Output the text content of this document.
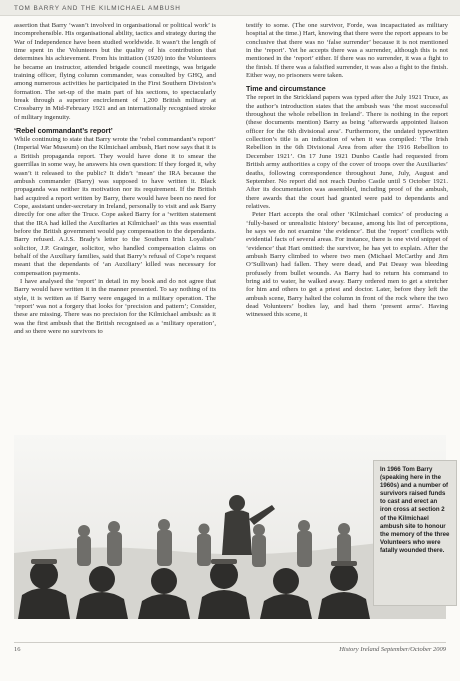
TOM BARRY AND THE KILMICHAEL AMBUSH

assertion that Barry ‘wasn’t involved in organisational or political work’ is incomprehensible. His organisational ability, tactics and strategy during the War of Independence have been studied worldwide. It wasn’t the length of time spent in the Volunteers but the quality of his contribution that determines his achievement. From his initiation (1920) into the Volunteers he became an instructor, attended brigade council meetings, was brigade training officer, flying column commander, was consulted by GHQ, and among numerous activities he participated in the First Southern Division’s formation. The set-up of the main part of his sections, to spectacularly break through a superior encirclement of 1,200 British military at Crossbarry in Mid-February 1921 and an internationally recognised stroke of military ingenuity.

‘Rebel commandant’s report’

While continuing to state that Barry wrote the ‘rebel commandant’s report’ (Imperial War Museum) on the Kilmichael ambush, Hart now says that it is a British propaganda report. They would have done it to smear the guerrillas in some way, he answers his own question: If they forged it, why wasn’t it released to the public? It didn’t ‘mean’ the IRA because the ambush commander (Barry) was supposed to have written it. Black propaganda was neither its motivation nor its requirement. If the British had acquired a report written by Barry, there would have been no need for Cope, assistant under-secretary in Ireland, personally to visit and ask Barry directly for one after the Truce. Cope asked Barry for a ‘written statement that the IRA had killed the Auxiliaries at Kilmichael’ as this was essential before the British government would pay compensation to the dependants. Barry refused. A.J.S. Brady’s letter to the Southern Irish Loyalists’ solicitor, J.P. Grainger, solicitor, who handled compensation claims on behalf of the Auxiliary families, said that Barry’s refusal of Cope’s request meant that the dependants of ‘an Auxiliary’ killed was necessary for compensation payments.

I have analysed the ‘report’ in detail in my book and do not agree that Barry would have written it in the manner presented. To say nothing of its style, it is written as if Barry were engaged in a military operation. The ‘report’ was not a forgery that looks for ‘precision and pattern’; Consider, these are missing. There was no precision for the Kilmichael ambush: as it was the first ambush that the British recognised as a ‘military operation’, and so there were no survivors to

testify to some. (The one survivor, Forde, was incapacitated as military hospital at the time.) Hart, knowing that there were the report appears to be conclusive that there was no ‘false surrender’ because it is not mentioned in the ‘report’. Yet he accepts there was a surrender, although this is not mentioned in the ‘report’ either. If there was no surrender, it was a fight to the finish. If there was a falsified surrender, it was also a fight to the finish. Either way, no prisoners were taken.

Time and circumstance

The report in the Strickland papers was typed after the July 1921 Truce, as the author’s introduction states that the ambush was ‘the most successful throughout the whole rebellion in Ireland’. There is nothing in the report (these documents mention) Barry as being ‘afterwards appointed liaison officer for the 6th divisional area’. Furthermore, the undated typewritten collection’s title is an indication of when it was compiled: ‘The Irish Rebellion in the 6th Divisional Area from after the 1916 Rebellion to December 1921’. On 17 June 1921 Dunbo Castle had requested from British army authorities a copy of the cover of troops over the Auxiliaries’ deaths, following correspondence throughout June, July, August and September. No report did not reach Dunbo Castle until 5 October 1921. After its documentation was assembled, including proof of the ambush, there awards that the court had granted were paid to dependants and relatives.

Peter Hart accepts the oral other ‘Kilmichael comics’ of producing a ‘fully-based or unrealistic history’ because, among his list of perceptions, he says we do not examine ‘the evidence’. But the ‘report’ conflicts with evidential facts of several areas. For instance, there is one vivid snippet of ‘evidence’ that Hart omitted: the survivor, he has yet to explain. After the ambush Barry climbed to where two men (Michael McCarthy and Jim O’Sullivan) had fallen. They were dead, and Pat Deasy was bleeding profusely from bullet wounds. As Barry had to return his command to bring aid to water, he walked away. Barry ordered men to get a stretcher for him and others to get a priest and doctor. Later, before they left the ambush scene, Barry halted the column in front of the rock where the two dead Volunteers’ bodies lay, and had them ‘present arms’. Having witnessed this scene, it

In 1966 Tom Barry (speaking here in the 1960s) and a number of survivors raised funds to cast and erect an iron cross at section 2 of the Kilmichael ambush site to honour the memory of the three Volunteers who were fatally wounded there.

16	History Ireland September/October 2009
